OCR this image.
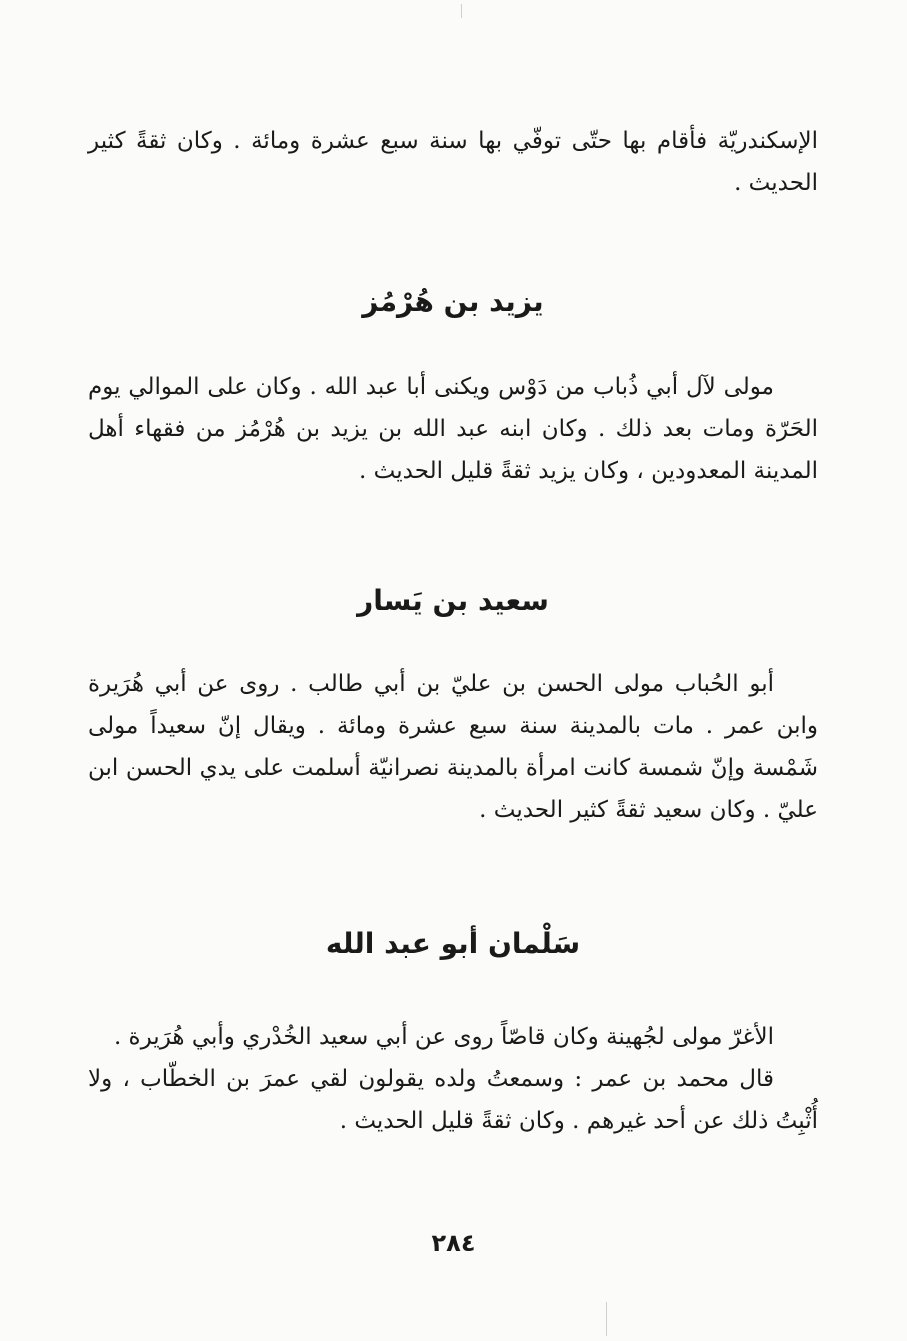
الإسكندريّة فأقام بها حتّى توفّي بها سنة سبع عشرة ومائة . وكان ثقةً كثير الحديث .

يزيد بن هُرْمُز

مولى لآل أبي ذُباب من دَوْس ويكنى أبا عبد الله . وكان على الموالي يوم الحَرّة ومات بعد ذلك . وكان ابنه عبد الله بن يزيد بن هُرْمُز من فقهاء أهل المدينة المعدودين ، وكان يزيد ثقةً قليل الحديث .

سعيد بن يَسار

أبو الحُباب مولى الحسن بن عليّ بن أبي طالب . روى عن أبي هُرَيرة وابن عمر . مات بالمدينة سنة سبع عشرة ومائة . ويقال إنّ سعيداً مولى شَمْسة وإنّ شمسة كانت امرأة بالمدينة نصرانيّة أسلمت على يدي الحسن ابن عليّ . وكان سعيد ثقةً كثير الحديث .

سَلْمان أبو عبد الله

الأغرّ مولى لجُهينة وكان قاصّاً روى عن أبي سعيد الخُدْري وأبي هُرَيرة .

قال محمد بن عمر : وسمعتُ ولده يقولون لقي عمرَ بن الخطّاب ، ولا أُثْبِتُ ذلك عن أحد غيرهم . وكان ثقةً قليل الحديث .

٢٨٤
